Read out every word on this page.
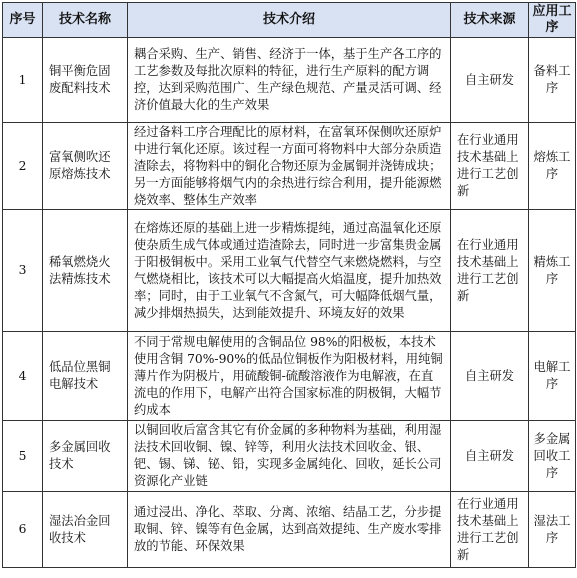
序号	技术名称	技术介绍	技术来源	应用工序
1	铜平衡危固废配料技术	耦合采购、生产、销售、经济于一体，基于生产各工序的工艺参数及每批次原料的特征，进行生产原料的配方调控，达到采购范围广、生产绿色规范、产量灵活可调、经济价值最大化的生产效果	自主研发	备料工序
2	富氧侧吹还原熔炼技术	经过备料工序合理配比的原材料，在富氧环保侧吹还原炉中进行氧化还原。该过程一方面可将物料中大部分杂质造渣除去，将物料中的铜化合物还原为金属铜并浇铸成块；另一方面能够将烟气内的余热进行综合利用，提升能源燃烧效率、整体生产效率	在行业通用技术基础上进行工艺创新	熔炼工序
3	稀氧燃烧火法精炼技术	在熔炼还原的基础上进一步精炼提纯，通过高温氧化还原使杂质生成气体或通过造渣除去，同时进一步富集贵金属于阳极铜板中。采用工业氧气代替空气来燃烧燃料，与空气燃烧相比，该技术可以大幅提高火焰温度，提升加热效率；同时，由于工业氧气不含氮气，可大幅降低烟气量，减少排烟热损失，达到能效提升、环境友好的效果	在行业通用技术基础上进行工艺创新	精炼工序
4	低品位黑铜电解技术	不同于常规电解使用的含铜品位 98%的阳极板，本技术使用含铜 70%-90%的低品位铜板作为阳极材料，用纯铜薄片作为阴极片，用硫酸铜-硫酸溶液作为电解液，在直流电的作用下，电解产出符合国家标准的阴极铜，大幅节约成本	自主研发	电解工序
5	多金属回收技术	以铜回收后富含其它有价金属的多种物料为基础，利用湿法技术回收铜、镍、锌等，利用火法技术回收金、银、钯、锡、锑、铋、铅，实现多金属纯化、回收，延长公司资源化产业链	自主研发	多金属回收工序
6	湿法冶金回收技术	通过浸出、净化、萃取、分离、浓缩、结晶工艺，分步提取铜、锌、镍等有色金属，达到高效提纯、生产废水零排放的节能、环保效果	在行业通用技术基础上进行工艺创新	湿法工序
